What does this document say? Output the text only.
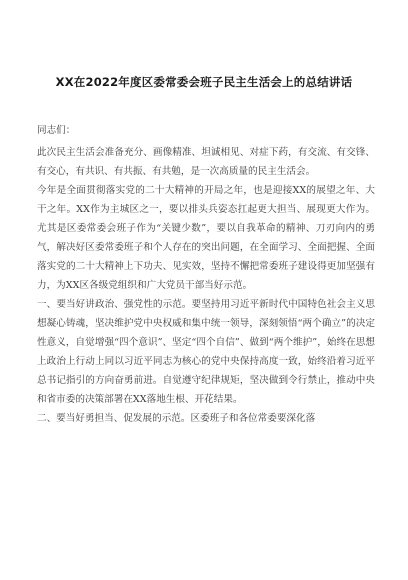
XX在2022年度区委常委会班子民主生活会上的总结讲话

同志们：

此次民主生活会准备充分、画像精准、坦诚相见、对症下药，有交流、有交锋、有交心，有共识、有共振、有共勉，是一次高质量的民主生活会。

今年是全面贯彻落实党的二十大精神的开局之年，也是迎接XX的展望之年、大干之年。XX作为主城区之一，要以排头兵姿态扛起更大担当、展现更大作为。尤其是区委常委会班子作为“关键少数”，要以自我革命的精神、刀刃向内的勇气，解决好区委常委班子和个人存在的突出问题，在全面学习、全面把握、全面落实党的二十大精神上下功夫、见实效，坚持不懈把常委班子建设得更加坚强有力，为XX区各级党组织和广大党员干部当好示范。

一、要当好讲政治、强党性的示范。要坚持用习近平新时代中国特色社会主义思想凝心铸魂，坚决维护党中央权威和集中统一领导，深刻领悟“两个确立”的决定性意义，自觉增强“四个意识”、坚定“四个自信”、做到“两个维护”，始终在思想上政治上行动上同以习近平同志为核心的党中央保持高度一致，始终沿着习近平总书记指引的方向奋勇前进。自觉遵守纪律规矩，坚决做到令行禁止，推动中央和省市委的决策部署在XX落地生根、开花结果。

二、要当好勇担当、促发展的示范。区委班子和各位常委要深化落
